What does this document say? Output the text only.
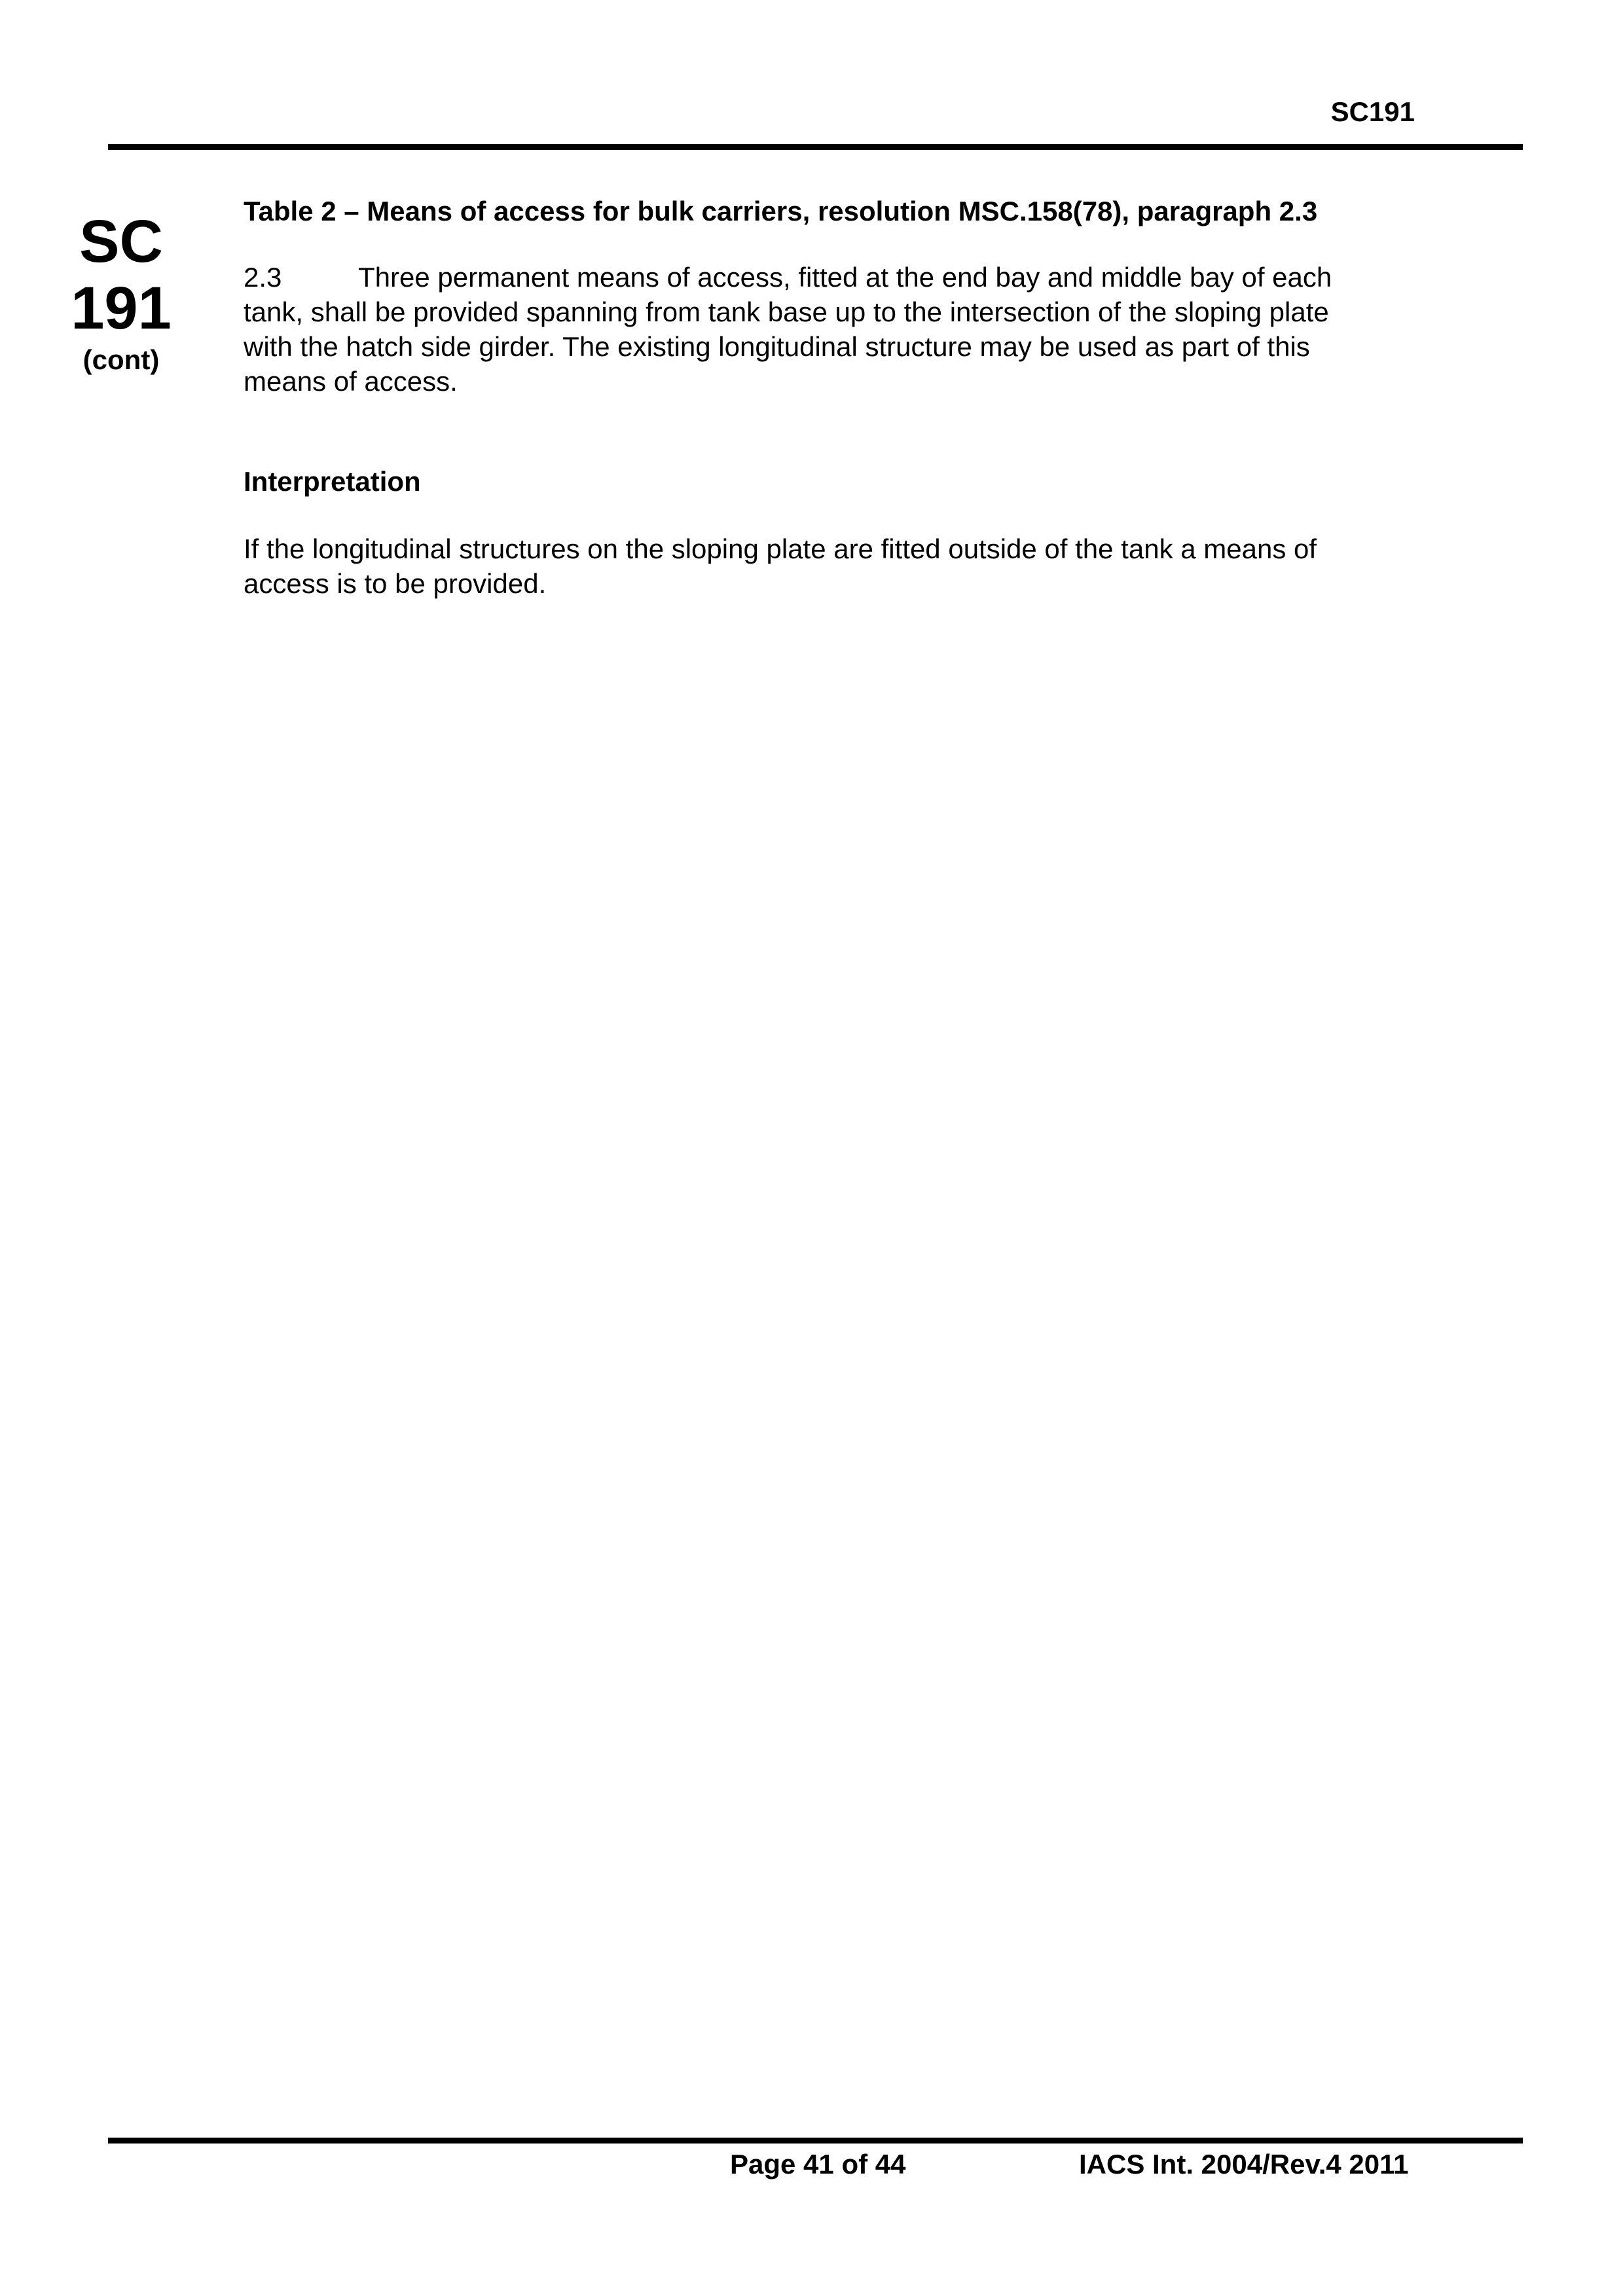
SC191
SC
191
(cont)

Table 2 – Means of access for bulk carriers, resolution MSC.158(78), paragraph 2.3

2.3	Three permanent means of access, fitted at the end bay and middle bay of each
tank, shall be provided spanning from tank base up to the intersection of the sloping plate
with the hatch side girder. The existing longitudinal structure may be used as part of this
means of access.

Interpretation

If the longitudinal structures on the sloping plate are fitted outside of the tank a means of
access is to be provided.

Page 41 of 44	IACS Int. 2004/Rev.4 2011
